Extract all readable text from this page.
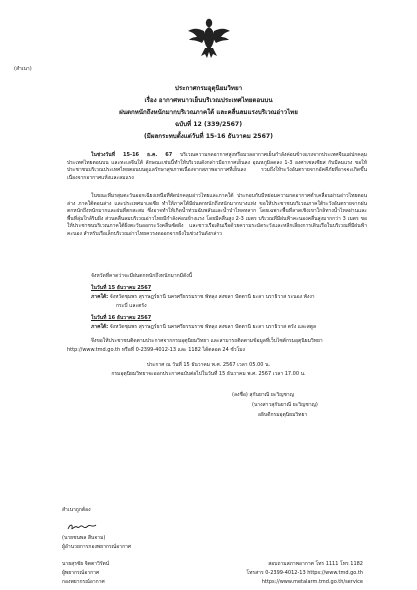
(สำเนา)
ประกาศกรมอุตุนิยมวิทยา
เรื่อง อากาศหนาวเย็นบริเวณประเทศไทยตอนบน
ฝนตกหนักถึงหนักมากบริเวณภาคใต้ และคลื่นลมแรงบริเวณอ่าวไทย
ฉบับที่ 12 (339/2567)
(มีผลกระทบตั้งแต่วันที่ 15-16 ธันวาคม 2567)
ในช่วงวันที่ 15-16 ธ.ค. 67 บริเวณความกดอากาศสูงหรือมวลอากาศเย็นกำลังค่อนข้างแรงจากประเทศจีนแผ่ปกคลุมประเทศไทยตอนบน และทะเลจีนใต้ ลักษณะเช่นนี้ทำให้บริเวณดังกล่าวมีอากาศเย็นลง อุณหภูมิลดลง 1-3 องศาเซลเซียส กับมีลมแรง ขอให้ประชาชนบริเวณประเทศไทยตอนบนดูแลรักษาสุขภาพเนื่องจากสภาพอากาศที่เย็นลง รวมถึงให้ระวังอันตรายจากอัคคีภัยที่อาจจะเกิดขึ้นเนื่องจากอากาศแห้งและลมแรง
ในขณะที่มรสุมตะวันออกเฉียงเหนือที่พัดปกคลุมอ่าวไทยและภาคใต้ ประกอบกับมีหย่อมความกดอากาศต่ำเคลื่อนผ่านอ่าวไทยตอนล่าง ภาคใต้ตอนล่าง และประเทศมาเลเซีย ทำให้ภาคใต้มีฝนตกหนักถึงหนักมากบางแห่ง ขอให้ประชาชนบริเวณภาคใต้ระวังอันตรายจากฝนตกหนักถึงหนักมากและฝนที่ตกสะสม ซึ่งอาจทำให้เกิดน้ำท่วมฉับพลันและน้ำป่าไหลหลาก โดยเฉพาะพื้นที่ลาดเชิงเขาใกล้ทางน้ำไหลผ่านและพื้นที่ลุ่มใกล้ริมฝั่ง ส่วนคลื่นลมบริเวณอ่าวไทยมีกำลังค่อนข้างแรง โดยมีคลื่นสูง 2-3 เมตร บริเวณที่มีฝนฟ้าคะนองคลื่นสูงมากกว่า 3 เมตร ขอให้ประชาชนบริเวณภาคใต้ฝั่งตะวันออกระวังคลื่นซัดฝั่ง และชาวเรือเดินเรือด้วยความระมัดระวังและหลีกเลี่ยงการเดินเรือในบริเวณที่มีฝนฟ้าคะนอง สำหรับเรือเล็กบริเวณอ่าวไทยควรงดออกจากฝั่งในช่วงวันดังกล่าว
จังหวัดที่คาดว่าจะมีฝนตกหนักถึงหนักมากมีดังนี้
ในวันที่ 15 ธันวาคม 2567
ภาคใต้: จังหวัดชุมพร สุราษฎร์ธานี นครศรีธรรมราช พัทลุง สงขลา ปัตตานี ยะลา นราธิวาส ระนอง พังงา
กระบี่ และตรัง
ในวันที่ 16 ธันวาคม 2567
ภาคใต้: จังหวัดชุมพร สุราษฎร์ธานี นครศรีธรรมราช พัทลุง สงขลา ปัตตานี ยะลา นราธิวาส ตรัง และสตูล
จึงขอให้ประชาชนติดตามประกาศจากกรมอุตุนิยมวิทยา และสามารถติดตามข้อมูลที่เว็บไซต์กรมอุตุนิยมวิทยา
http://www.tmd.go.th หรือที่ 0-2399-4012-13 และ 1182 ได้ตลอด 24 ชั่วโมง
ประกาศ ณ วันที่ 15 ธันวาคม พ.ศ. 2567 เวลา 05.00 น.
กรมอุตุนิยมวิทยาจะออกประกาศฉบับต่อไปในวันที่ 15 ธันวาคม พ.ศ. 2567 เวลา 17.00 น.
(ลงชื่อ) สุกันยาณี ยะวิญชาญ
(นางสาวสุกันยาณี ยะวิญชาญ)
อธิบดีกรมอุตุนิยมวิทยา
สำเนาถูกต้อง
(นายชนพล สีนจาม)
ผู้อำนวยการกองพยากรณ์อากาศ
นายสุรชัย จิตตาวิรัตน์
ผู้พยากรณ์อากาศ
กองพยากรณ์อากาศ
สอบถามสภาพอากาศ โทร 1111 โทร 1182
โทรสาร 0-2399-4012-13 https://www.tmd.go.th
https://www.metalarm.tmd.go.th/service
